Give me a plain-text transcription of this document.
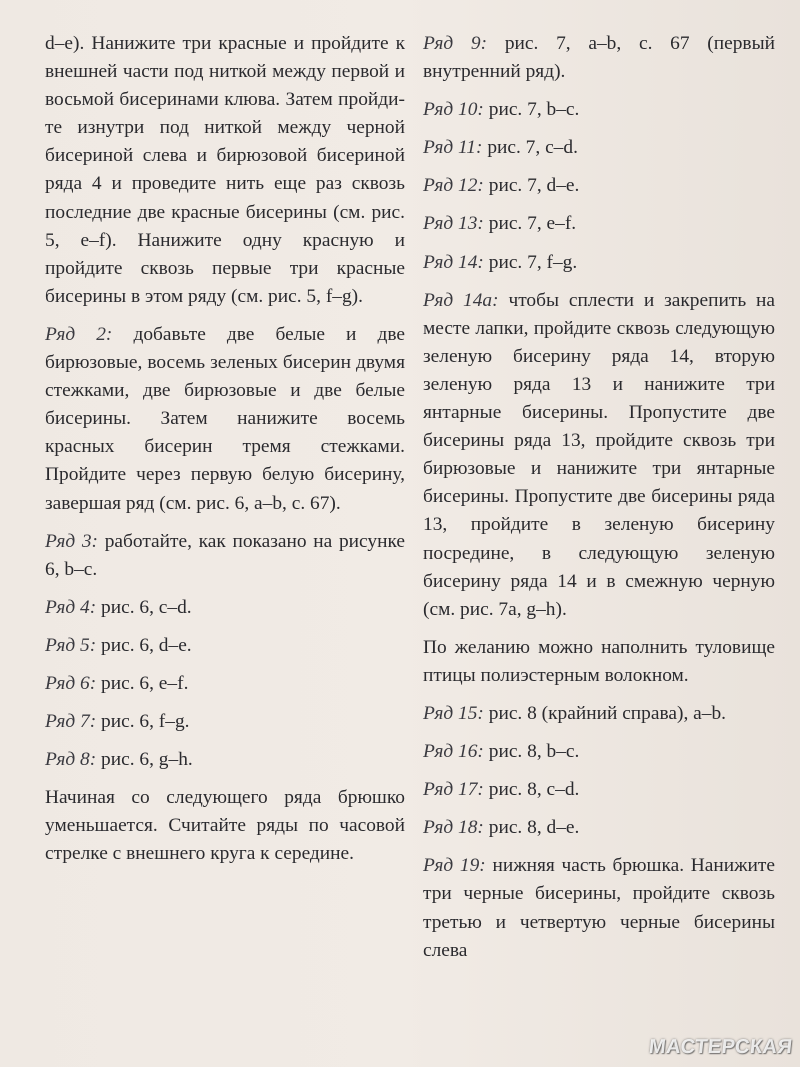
d–e). Нанижите три красные и пройдите к внешней части под ниткой между первой и восьмой бисеринами клюва. Затем пройдите изнутри под ниткой между черной бисериной слева и бирюзовой бисериной ряда 4 и проведите нить еще раз сквозь последние две красные бисерины (см. рис. 5, e–f). Нанижите одну красную и пройдите сквозь первые три красные бисерины в этом ряду (см. рис. 5, f–g).

Ряд 2: добавьте две белые и две бирюзовые, восемь зеленых бисерин двумя стежками, две бирюзовые и две белые бисерины. Затем нанижите восемь красных бисерин тремя стежками. Пройдите через первую белую бисерину, завершая ряд (см. рис. 6, a–b, с. 67).

Ряд 3: работайте, как показано на рисунке 6, b–c.

Ряд 4: рис. 6, c–d.

Ряд 5: рис. 6, d–e.

Ряд 6: рис. 6, e–f.

Ряд 7: рис. 6, f–g.

Ряд 8: рис. 6, g–h.

Начиная со следующего ряда брюшко уменьшается. Считайте ряды по часовой стрелке с внешнего круга к середине.

Ряд 9: рис. 7, a–b, с. 67 (первый внутренний ряд).

Ряд 10: рис. 7, b–c.

Ряд 11: рис. 7, c–d.

Ряд 12: рис. 7, d–e.

Ряд 13: рис. 7, e–f.

Ряд 14: рис. 7, f–g.

Ряд 14a: чтобы сплести и закрепить на месте лапки, пройдите сквозь следующую зеленую бисерину ряда 14, вторую зеленую ряда 13 и нанижите три янтарные бисерины. Пропустите две бисерины ряда 13, пройдите сквозь три бирюзовые и нанижите три янтарные бисерины. Пропустите две бисерины ряда 13, пройдите в зеленую бисерину посредине, в следующую зеленую бисерину ряда 14 и в смежную черную (см. рис. 7a, g–h).

По желанию можно наполнить туловище птицы полиэстерным волокном.

Ряд 15: рис. 8 (крайний справа), a–b.

Ряд 16: рис. 8, b–c.

Ряд 17: рис. 8, c–d.

Ряд 18: рис. 8, d–e.

Ряд 19: нижняя часть брюшка. Нанижите три черные бисерины, пройдите сквозь третью и четвертую черные бисерины слева

МАСТЕРСКАЯ
